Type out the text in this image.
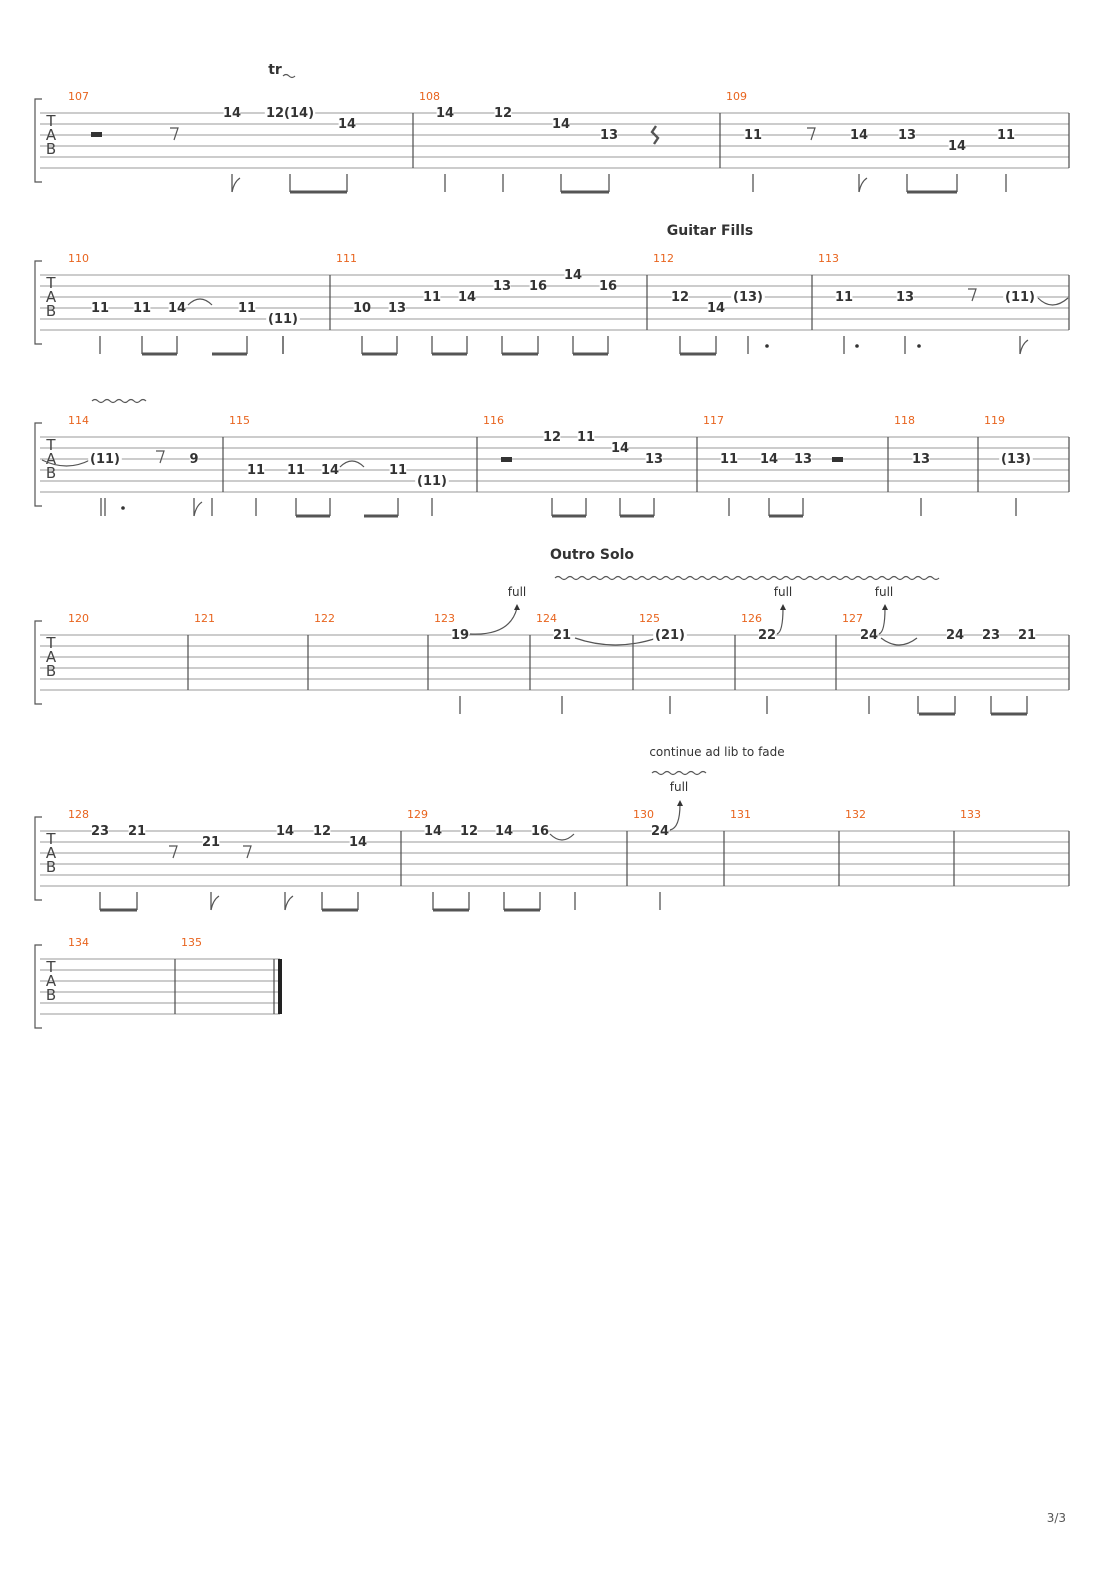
T
A
B
107	108	109
T
A
B
110	111	112	113
T
A
B
114	115	116	117	118	119
T
A
B
120	121	122	123	124	125	126	127
T
A
B
128	129	130	131	132	133
T
A
B
134	135
14 12(14)
14
14	12
14
13	11	14 13
14
11
11 11 14	11
(11)
10 13
11 14
13 16
14
16
12
14
(13)	11	13	(11)
(11)	9
11 11 14	11
(11)
12 11
14
13	11 14 13	13	(13)
19	21	(21)	22	24	24 23 21
23 21
21
14 12
14
14 12 14 16	24
tr
Guitar Fills
Outro Solo
full	full	full
continue ad lib to fade
full
3/3
